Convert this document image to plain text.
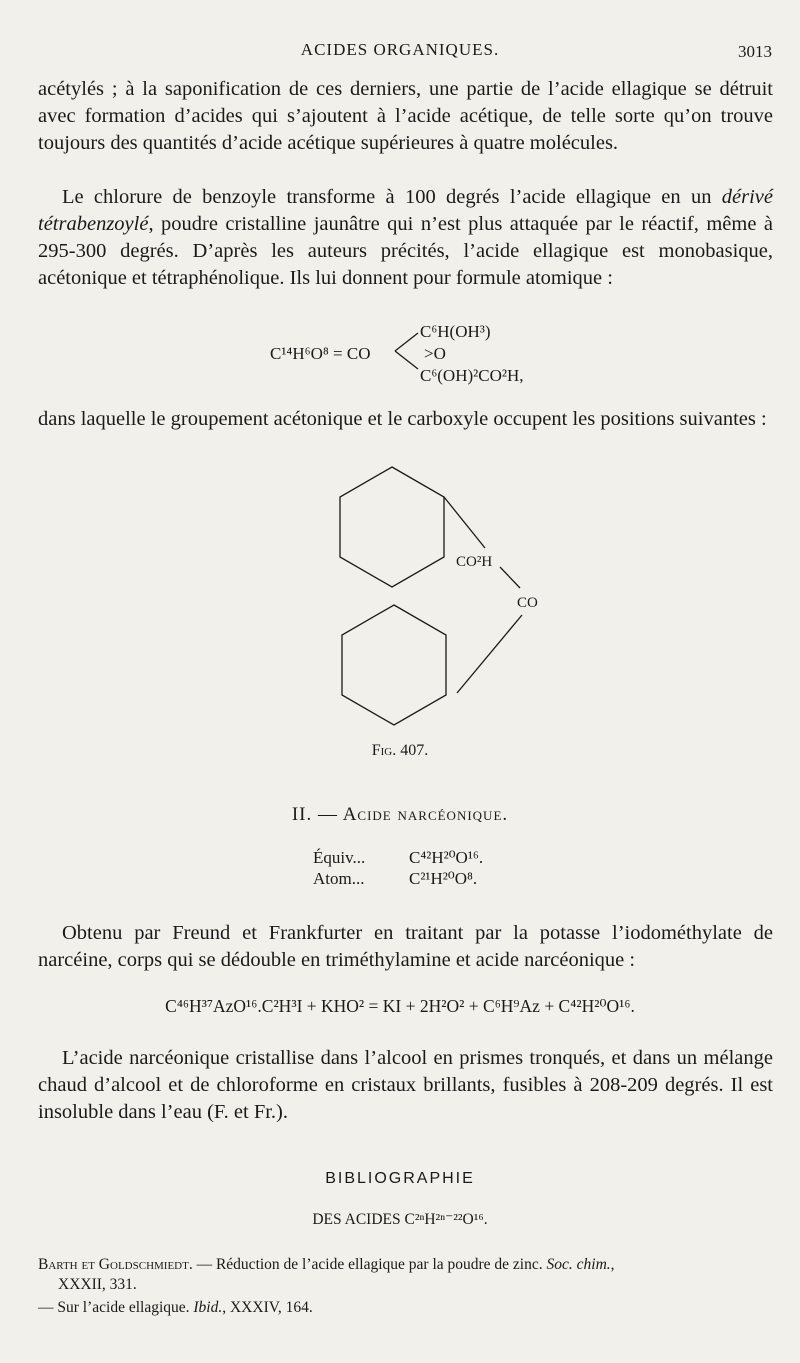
ACIDES ORGANIQUES.	3013
acétylés ; à la saponification de ces derniers, une partie de l’acide ellagique se détruit avec formation d’acides qui s’ajoutent à l’acide acétique, de telle sorte qu’on trouve toujours des quantités d’acide acétique supérieures à quatre molécules.
Le chlorure de benzoyle transforme à 100 degrés l’acide ellagique en un dérivé tétrabenzoylé, poudre cristalline jaunâtre qui n’est plus attaquée par le réactif, même à 295-300 degrés. D’après les auteurs précités, l’acide ellagique est monobasique, acétonique et tétraphénolique. Ils lui donnent pour formule atomique :
C¹⁴H⁶O⁸ = CO
C⁶H(OH³)
>O
C⁶(OH)²CO²H,
dans laquelle le groupement acétonique et le carboxyle occupent les positions suivantes :
CO²H
CO
Fig. 407.
II. — Acide narcéonique.
Équiv...	C⁴²H²⁰O¹⁶.
Atom...	C²¹H²⁰O⁸.
Obtenu par Freund et Frankfurter en traitant par la potasse l’iodométhylate de narcéine, corps qui se dédouble en triméthylamine et acide narcéonique :
C⁴⁶H³⁷AzO¹⁶.C²H³I + KHO² = KI + 2H²O² + C⁶H⁹Az + C⁴²H²⁰O¹⁶.
L’acide narcéonique cristallise dans l’alcool en prismes tronqués, et dans un mélange chaud d’alcool et de chloroforme en cristaux brillants, fusibles à 208-209 degrés. Il est insoluble dans l’eau (F. et Fr.).
BIBLIOGRAPHIE
DES ACIDES C²ⁿH²ⁿ⁻²²O¹⁶.
Barth et Goldschmiedt. — Réduction de l’acide ellagique par la poudre de zinc. Soc. chim.,
XXXII, 331.
— Sur l’acide ellagique. Ibid., XXXIV, 164.
